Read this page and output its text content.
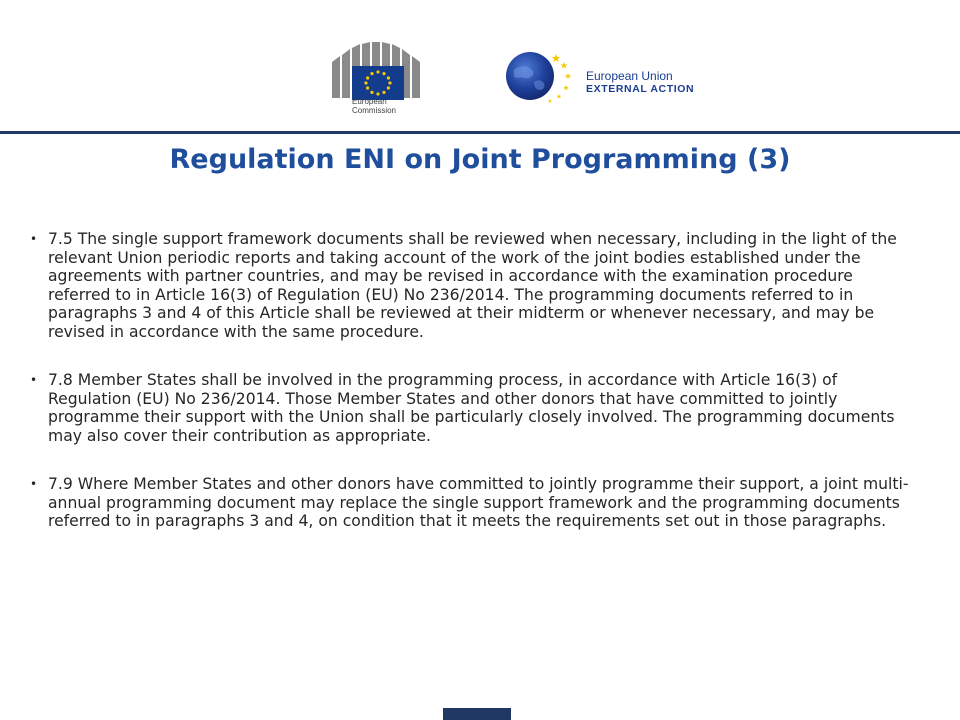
European
Commission
European Union
EXTERNAL ACTION
Regulation ENI on Joint Programming (3)
• 7.5 The single support framework documents shall be reviewed when necessary, including in the light of the relevant Union periodic reports and taking account of the work of the joint bodies established under the agreements with partner countries, and may be revised in accordance with the examination procedure referred to in Article 16(3) of Regulation (EU) No 236/2014. The programming documents referred to in paragraphs 3 and 4 of this Article shall be reviewed at their midterm or whenever necessary, and may be revised in accordance with the same procedure.
• 7.8 Member States shall be involved in the programming process, in accordance with Article 16(3) of Regulation (EU) No 236/2014. Those Member States and other donors that have committed to jointly programme their support with the Union shall be particularly closely involved. The programming documents may also cover their contribution as appropriate.
• 7.9 Where Member States and other donors have committed to jointly programme their support, a joint multi-annual programming document may replace the single support framework and the programming documents referred to in paragraphs 3 and 4, on condition that it meets the requirements set out in those paragraphs.
